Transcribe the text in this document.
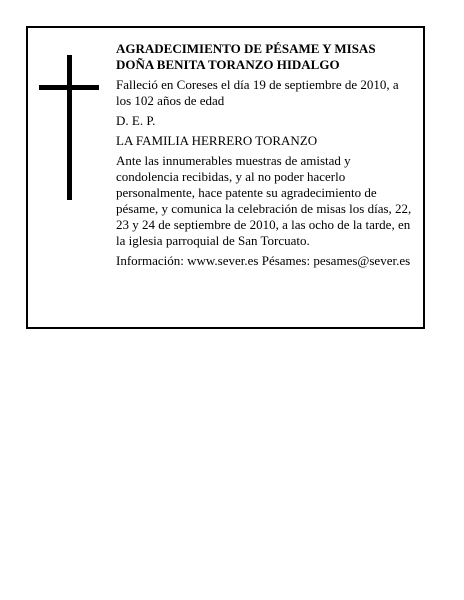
AGRADECIMIENTO DE PÉSAME Y MISAS

DOÑA BENITA TORANZO HIDALGO

Falleció en Coreses el día 19 de septiembre de 2010, a los 102 años de edad

D. E. P.

LA FAMILIA HERRERO TORANZO

Ante las innumerables muestras de amistad y condolencia recibidas, y al no poder hacerlo personalmente, hace patente su agradecimiento de pésame, y comunica la celebración de misas los días, 22, 23 y 24 de septiembre de 2010, a las ocho de la tarde, en la iglesia parroquial de San Torcuato.

Información: www.sever.es Pésames: pesames@sever.es
